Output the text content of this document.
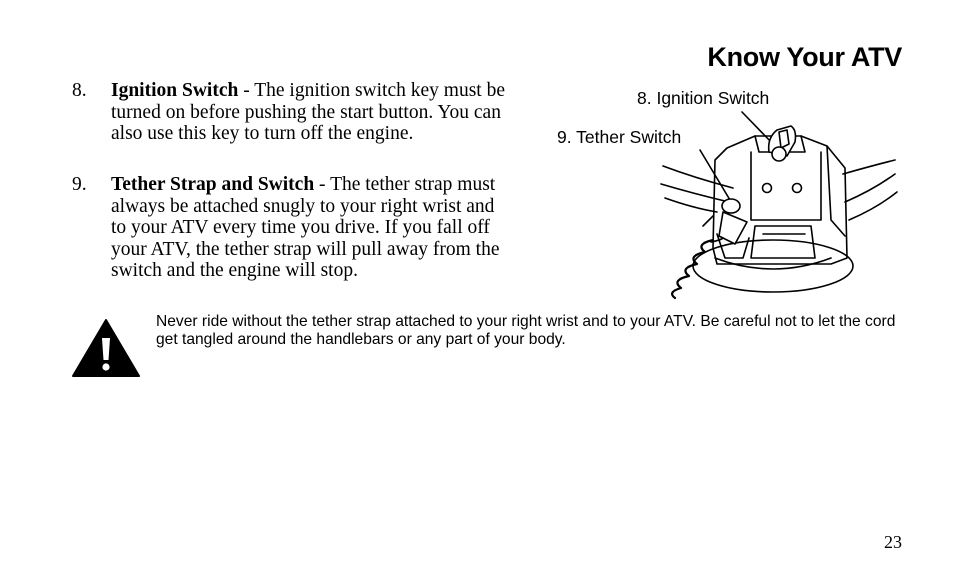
Know Your ATV
8. Ignition Switch - The ignition switch key must be turned on before pushing the start button. You can also use this key to turn off the engine.
9. Tether Strap and Switch - The tether strap must always be attached snugly to your right wrist and to your ATV every time you drive. If you fall off your ATV, the tether strap will pull away from the switch and the engine will stop.
8. Ignition Switch
9. Tether Switch
Never ride without the tether strap attached to your right wrist and to your ATV. Be careful not to let the cord get tangled around the handlebars or any part of your body.
23
